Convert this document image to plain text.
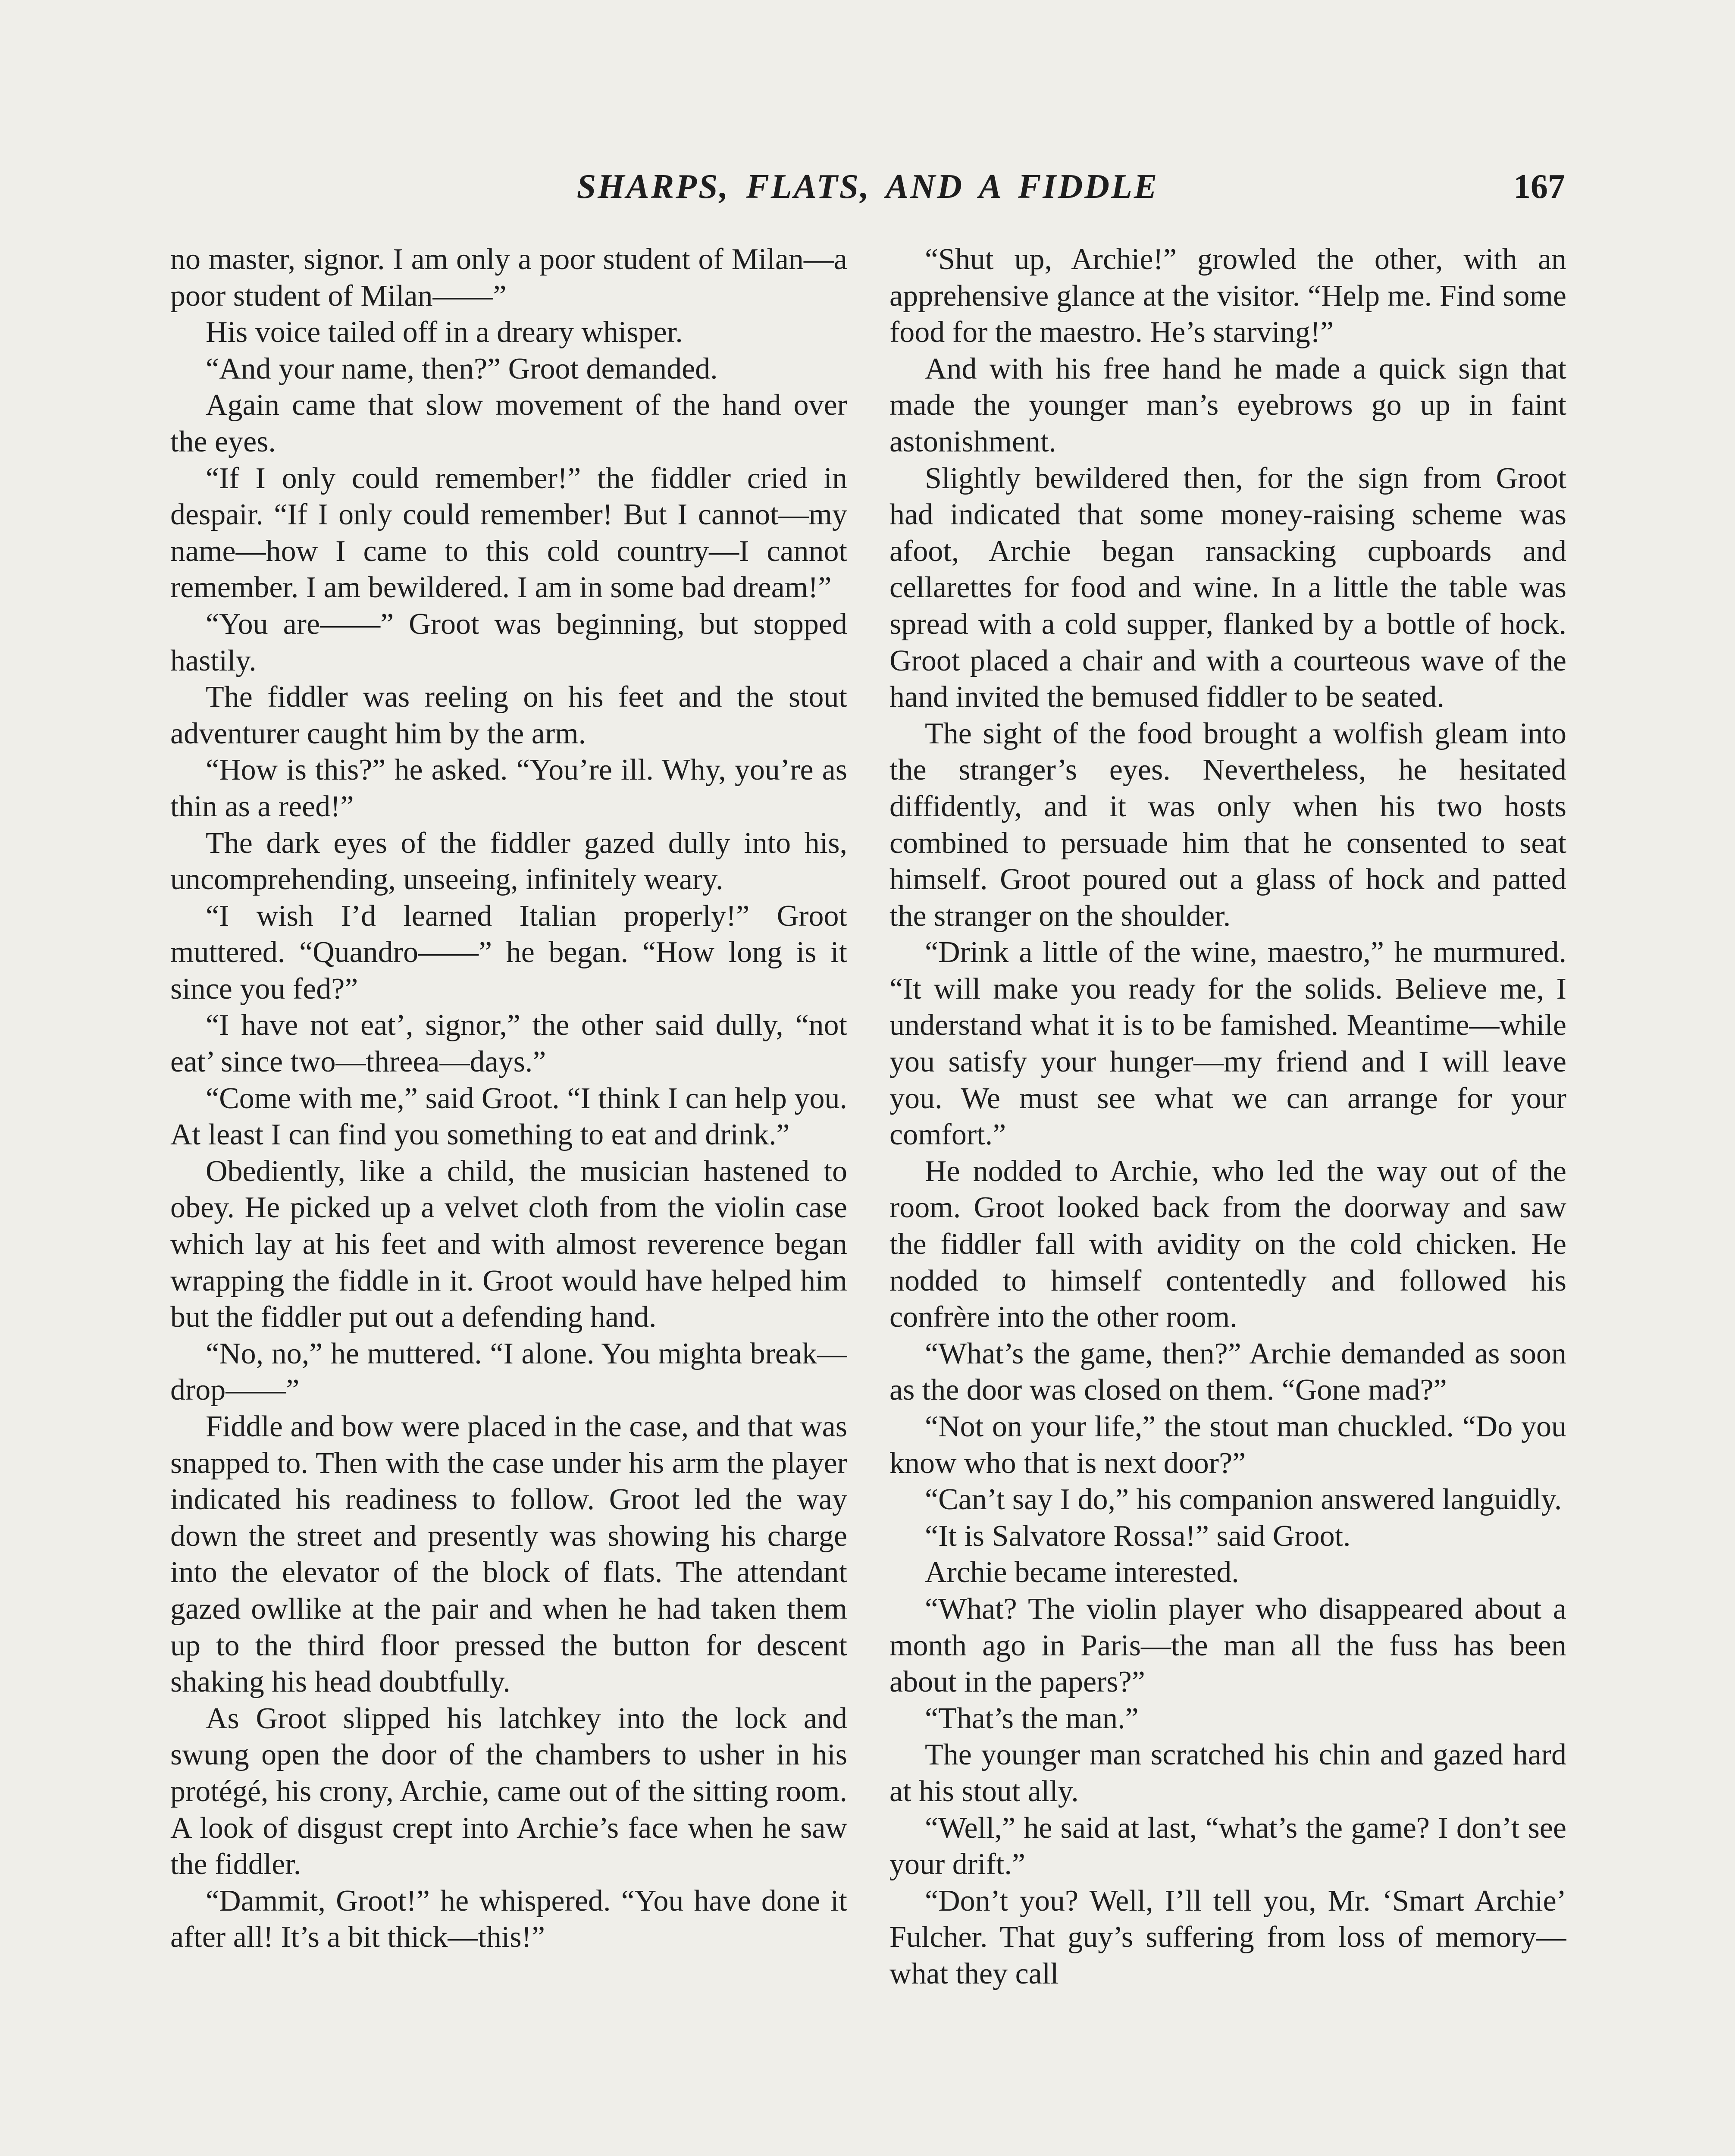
SHARPS, FLATS, AND A FIDDLE	167

no master, signor. I am only a poor student of Milan—a poor student of Milan——”

His voice tailed off in a dreary whisper.

“And your name, then?” Groot demanded.

Again came that slow movement of the hand over the eyes.

“If I only could remember!” the fiddler cried in despair. “If I only could remember! But I cannot—my name—how I came to this cold country—I cannot remember. I am bewildered. I am in some bad dream!”

“You are——” Groot was beginning, but stopped hastily.

The fiddler was reeling on his feet and the stout adventurer caught him by the arm.

“How is this?” he asked. “You’re ill. Why, you’re as thin as a reed!”

The dark eyes of the fiddler gazed dully into his, uncomprehending, unseeing, infinitely weary.

“I wish I’d learned Italian properly!” Groot muttered. “Quandro——” he began. “How long is it since you fed?”

“I have not eat’, signor,” the other said dully, “not eat’ since two—threea—days.”

“Come with me,” said Groot. “I think I can help you. At least I can find you something to eat and drink.”

Obediently, like a child, the musician hastened to obey. He picked up a velvet cloth from the violin case which lay at his feet and with almost reverence began wrapping the fiddle in it. Groot would have helped him but the fiddler put out a defending hand.

“No, no,” he muttered. “I alone. You mighta break—drop——”

Fiddle and bow were placed in the case, and that was snapped to. Then with the case under his arm the player indicated his readiness to follow. Groot led the way down the street and presently was showing his charge into the elevator of the block of flats. The attendant gazed owllike at the pair and when he had taken them up to the third floor pressed the button for descent shaking his head doubtfully.

As Groot slipped his latchkey into the lock and swung open the door of the chambers to usher in his protégé, his crony, Archie, came out of the sitting room. A look of disgust crept into Archie’s face when he saw the fiddler.

“Dammit, Groot!” he whispered. “You have done it after all! It’s a bit thick—this!”

“Shut up, Archie!” growled the other, with an apprehensive glance at the visitor. “Help me. Find some food for the maestro. He’s starving!”

And with his free hand he made a quick sign that made the younger man’s eyebrows go up in faint astonishment.

Slightly bewildered then, for the sign from Groot had indicated that some money-raising scheme was afoot, Archie began ransacking cupboards and cellarettes for food and wine. In a little the table was spread with a cold supper, flanked by a bottle of hock. Groot placed a chair and with a courteous wave of the hand invited the bemused fiddler to be seated.

The sight of the food brought a wolfish gleam into the stranger’s eyes. Nevertheless, he hesitated diffidently, and it was only when his two hosts combined to persuade him that he consented to seat himself. Groot poured out a glass of hock and patted the stranger on the shoulder.

“Drink a little of the wine, maestro,” he murmured. “It will make you ready for the solids. Believe me, I understand what it is to be famished. Meantime—while you satisfy your hunger—my friend and I will leave you. We must see what we can arrange for your comfort.”

He nodded to Archie, who led the way out of the room. Groot looked back from the doorway and saw the fiddler fall with avidity on the cold chicken. He nodded to himself contentedly and followed his confrère into the other room.

“What’s the game, then?” Archie demanded as soon as the door was closed on them. “Gone mad?”

“Not on your life,” the stout man chuckled. “Do you know who that is next door?”

“Can’t say I do,” his companion answered languidly.

“It is Salvatore Rossa!” said Groot.

Archie became interested.

“What? The violin player who disappeared about a month ago in Paris—the man all the fuss has been about in the papers?”

“That’s the man.”

The younger man scratched his chin and gazed hard at his stout ally.

“Well,” he said at last, “what’s the game? I don’t see your drift.”

“Don’t you? Well, I’ll tell you, Mr. ‘Smart Archie’ Fulcher. That guy’s suffering from loss of memory—what they call
